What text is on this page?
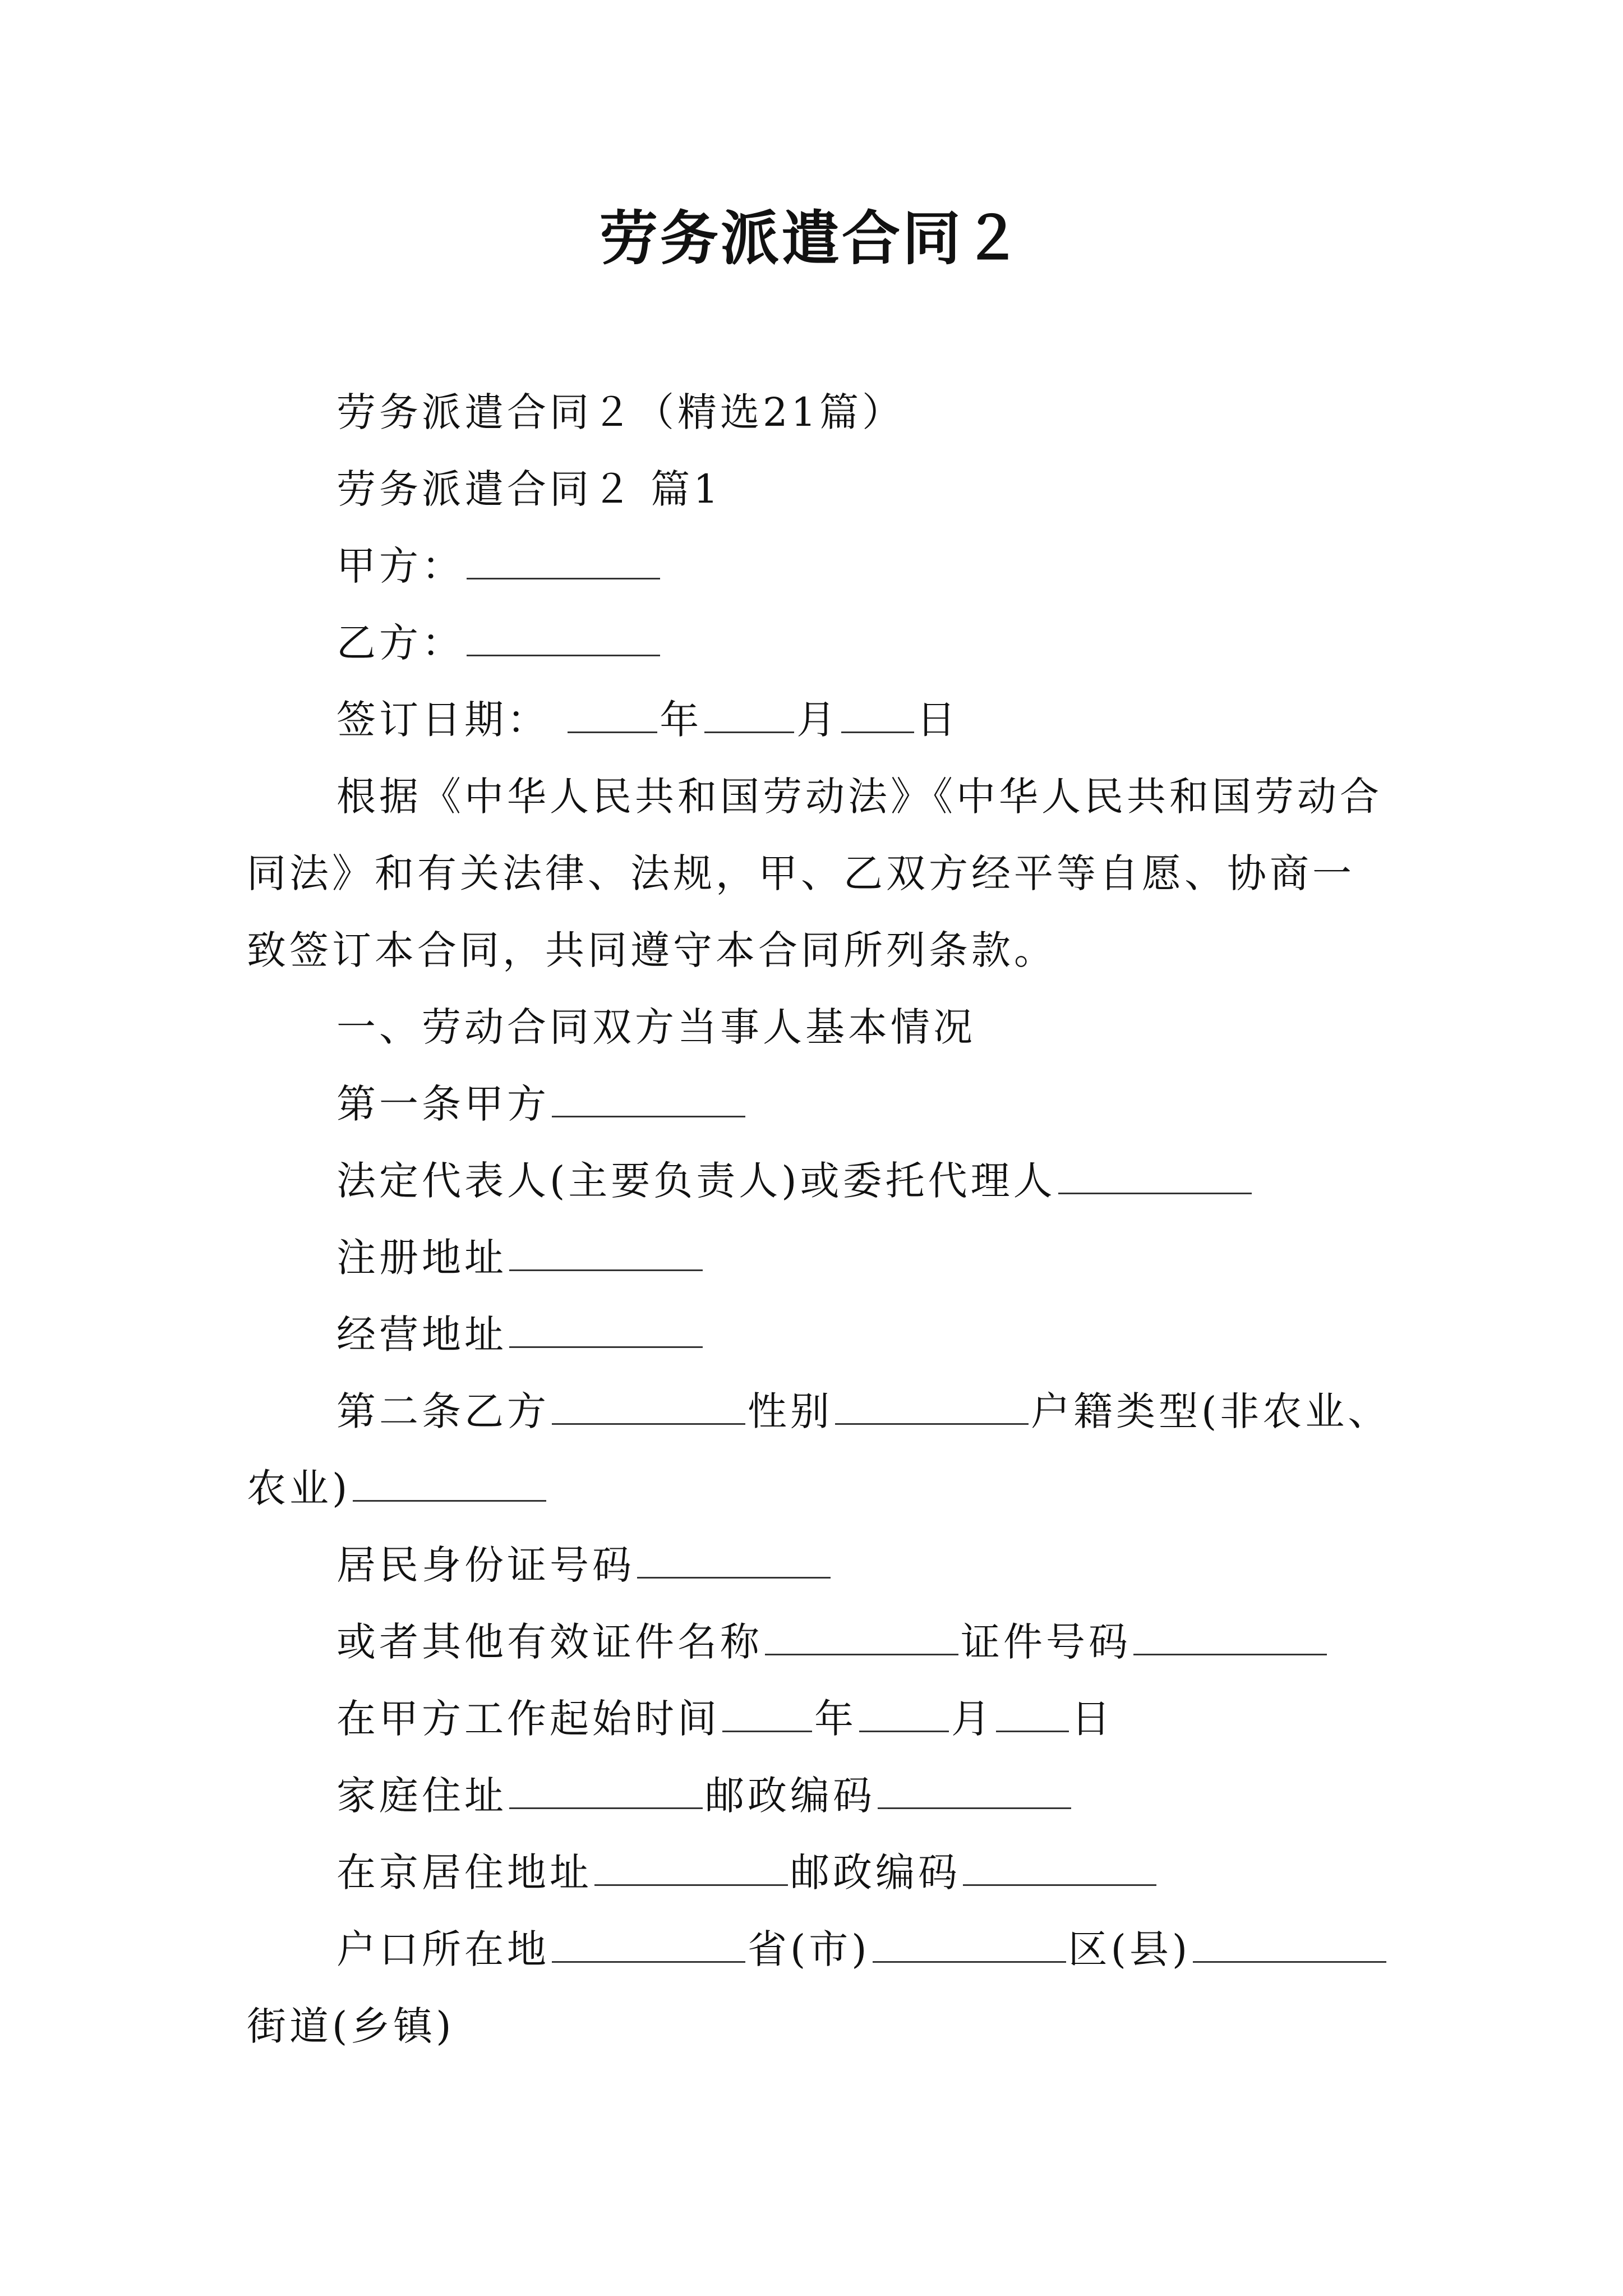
劳务派遣合同２

劳务派遣合同２（精选21篇）

劳务派遣合同２ 篇1

甲方：

乙方：

签订日期：	年 月 日

根据《中华人民共和国劳动法》《中华人民共和国劳动合同法》和有关法律、法规，甲、乙双方经平等自愿、协商一致签订本合同，共同遵守本合同所列条款。

一、劳动合同双方当事人基本情况

第一条甲方

法定代表人(主要负责人)或委托代理人

注册地址

经营地址

第二条乙方	性别	户籍类型(非农业、农业)

居民身份证号码

或者其他有效证件名称	证件号码

在甲方工作起始时间 年 月 日

家庭住址	邮政编码

在京居住地址	邮政编码

户口所在地	省(市)	区(县)街道(乡镇)
